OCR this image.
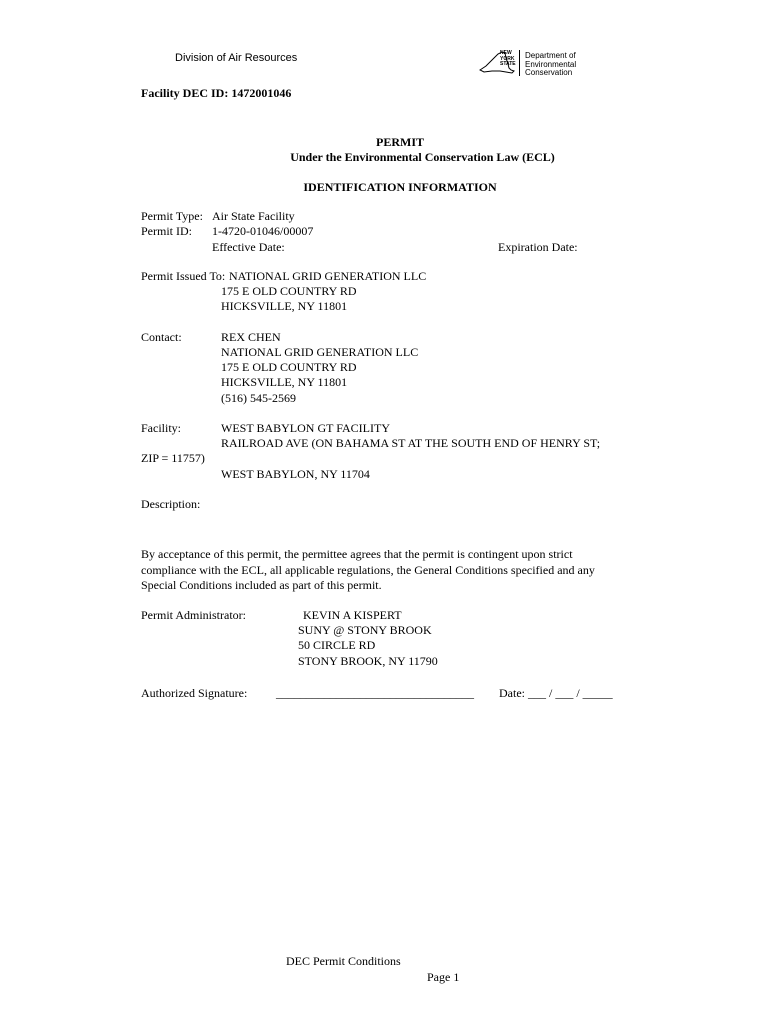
Division of Air Resources	NEW
YORK
STATE
Department of
Environmental
Conservation
Facility DEC ID: 1472001046
PERMIT
Under the Environmental Conservation Law (ECL)
IDENTIFICATION INFORMATION
Permit Type: Air State Facility
Permit ID: 1-4720-01046/00007
Effective Date:	Expiration Date:
Permit Issued To: NATIONAL GRID GENERATION LLC
175 E OLD COUNTRY RD
HICKSVILLE, NY 11801
Contact:	REX CHEN
NATIONAL GRID GENERATION LLC
175 E OLD COUNTRY RD
HICKSVILLE, NY 11801
(516) 545-2569
Facility:	WEST BABYLON GT FACILITY
RAILROAD AVE (ON BAHAMA ST AT THE SOUTH END OF HENRY ST;
ZIP = 11757)
WEST BABYLON, NY 11704
Description:
By acceptance of this permit, the permittee agrees that the permit is contingent upon strict
compliance with the ECL, all applicable regulations, the General Conditions specified and any
Special Conditions included as part of this permit.
Permit Administrator:	KEVIN A KISPERT
SUNY @ STONY BROOK
50 CIRCLE RD
STONY BROOK, NY 11790
Authorized Signature: _________________________________ Date: ___ / ___ / _____
DEC Permit Conditions
Page 1
